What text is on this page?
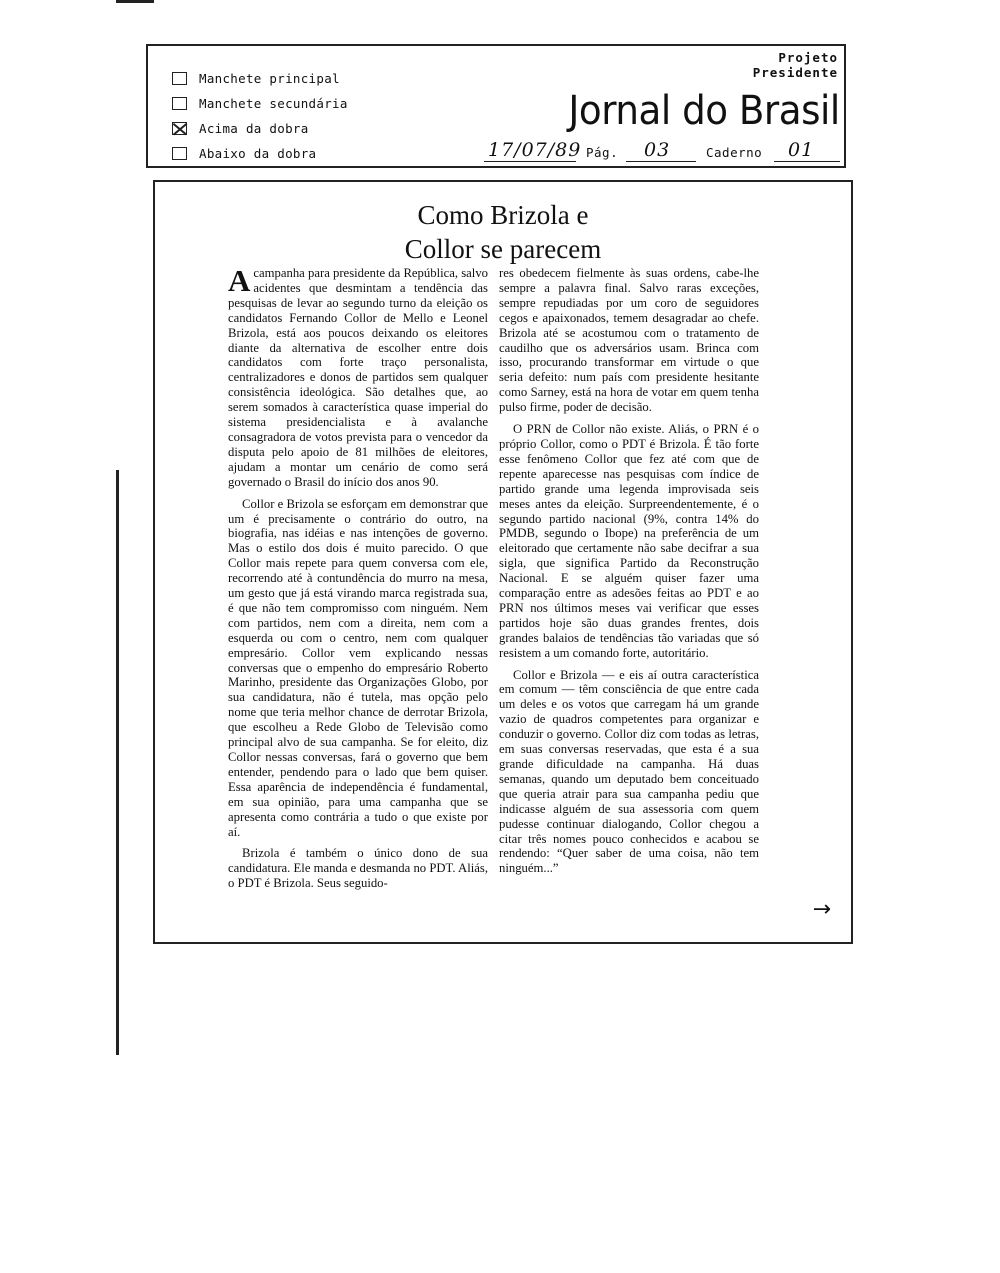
Manchete principal
Manchete secundária
Acima da dobra
Abaixo da dobra
Projeto
Presidente
Jornal do Brasil
17/07/89 Pág. 03	Caderno 01
Como Brizola e
Collor se parecem

A campanha para presidente da República, salvo acidentes que desmintam a tendência das pesquisas de levar ao segundo turno da eleição os candidatos Fernando Collor de Mello e Leonel Brizola, está aos poucos deixando os eleitores diante da alternativa de escolher entre dois candidatos com forte traço personalista, centralizadores e donos de partidos sem qualquer consistência ideológica. São detalhes que, ao serem somados à característica quase imperial do sistema presidencialista e à avalanche consagradora de votos prevista para o vencedor da disputa pelo apoio de 81 milhões de eleitores, ajudam a montar um cenário de como será governado o Brasil do início dos anos 90.

Collor e Brizola se esforçam em demonstrar que um é precisamente o contrário do outro, na biografia, nas idéias e nas intenções de governo. Mas o estilo dos dois é muito parecido. O que Collor mais repete para quem conversa com ele, recorrendo até à contundência do murro na mesa, um gesto que já está virando marca registrada sua, é que não tem compromisso com ninguém. Nem com partidos, nem com a direita, nem com a esquerda ou com o centro, nem com qualquer empresário. Collor vem explicando nessas conversas que o empenho do empresário Roberto Marinho, presidente das Organizações Globo, por sua candidatura, não é tutela, mas opção pelo nome que teria melhor chance de derrotar Brizola, que escolheu a Rede Globo de Televisão como principal alvo de sua campanha. Se for eleito, diz Collor nessas conversas, fará o governo que bem entender, pendendo para o lado que bem quiser. Essa aparência de independência é fundamental, em sua opinião, para uma campanha que se apresenta como contrária a tudo o que existe por aí.

Brizola é também o único dono de sua candidatura. Ele manda e desmanda no PDT. Aliás, o PDT é Brizola. Seus seguido-

res obedecem fielmente às suas ordens, cabe-lhe sempre a palavra final. Salvo raras exceções, sempre repudiadas por um coro de seguidores cegos e apaixonados, temem desagradar ao chefe. Brizola até se acostumou com o tratamento de caudilho que os adversários usam. Brinca com isso, procurando transformar em virtude o que seria defeito: num país com presidente hesitante como Sarney, está na hora de votar em quem tenha pulso firme, poder de decisão.

O PRN de Collor não existe. Aliás, o PRN é o próprio Collor, como o PDT é Brizola. É tão forte esse fenômeno Collor que fez até com que de repente aparecesse nas pesquisas com índice de partido grande uma legenda improvisada seis meses antes da eleição. Surpreendentemente, é o segundo partido nacional (9%, contra 14% do PMDB, segundo o Ibope) na preferência de um eleitorado que certamente não sabe decifrar a sua sigla, que significa Partido da Reconstrução Nacional. E se alguém quiser fazer uma comparação entre as adesões feitas ao PDT e ao PRN nos últimos meses vai verificar que esses partidos hoje são duas grandes frentes, dois grandes balaios de tendências tão variadas que só resistem a um comando forte, autoritário.

Collor e Brizola — e eis aí outra característica em comum — têm consciência de que entre cada um deles e os votos que carregam há um grande vazio de quadros competentes para organizar e conduzir o governo. Collor diz com todas as letras, em suas conversas reservadas, que esta é a sua grande dificuldade na campanha. Há duas semanas, quando um deputado bem conceituado que queria atrair para sua campanha pediu que indicasse alguém de sua assessoria com quem pudesse continuar dialogando, Collor chegou a citar três nomes pouco conhecidos e acabou se rendendo: “Quer saber de uma coisa, não tem ninguém...”

→
